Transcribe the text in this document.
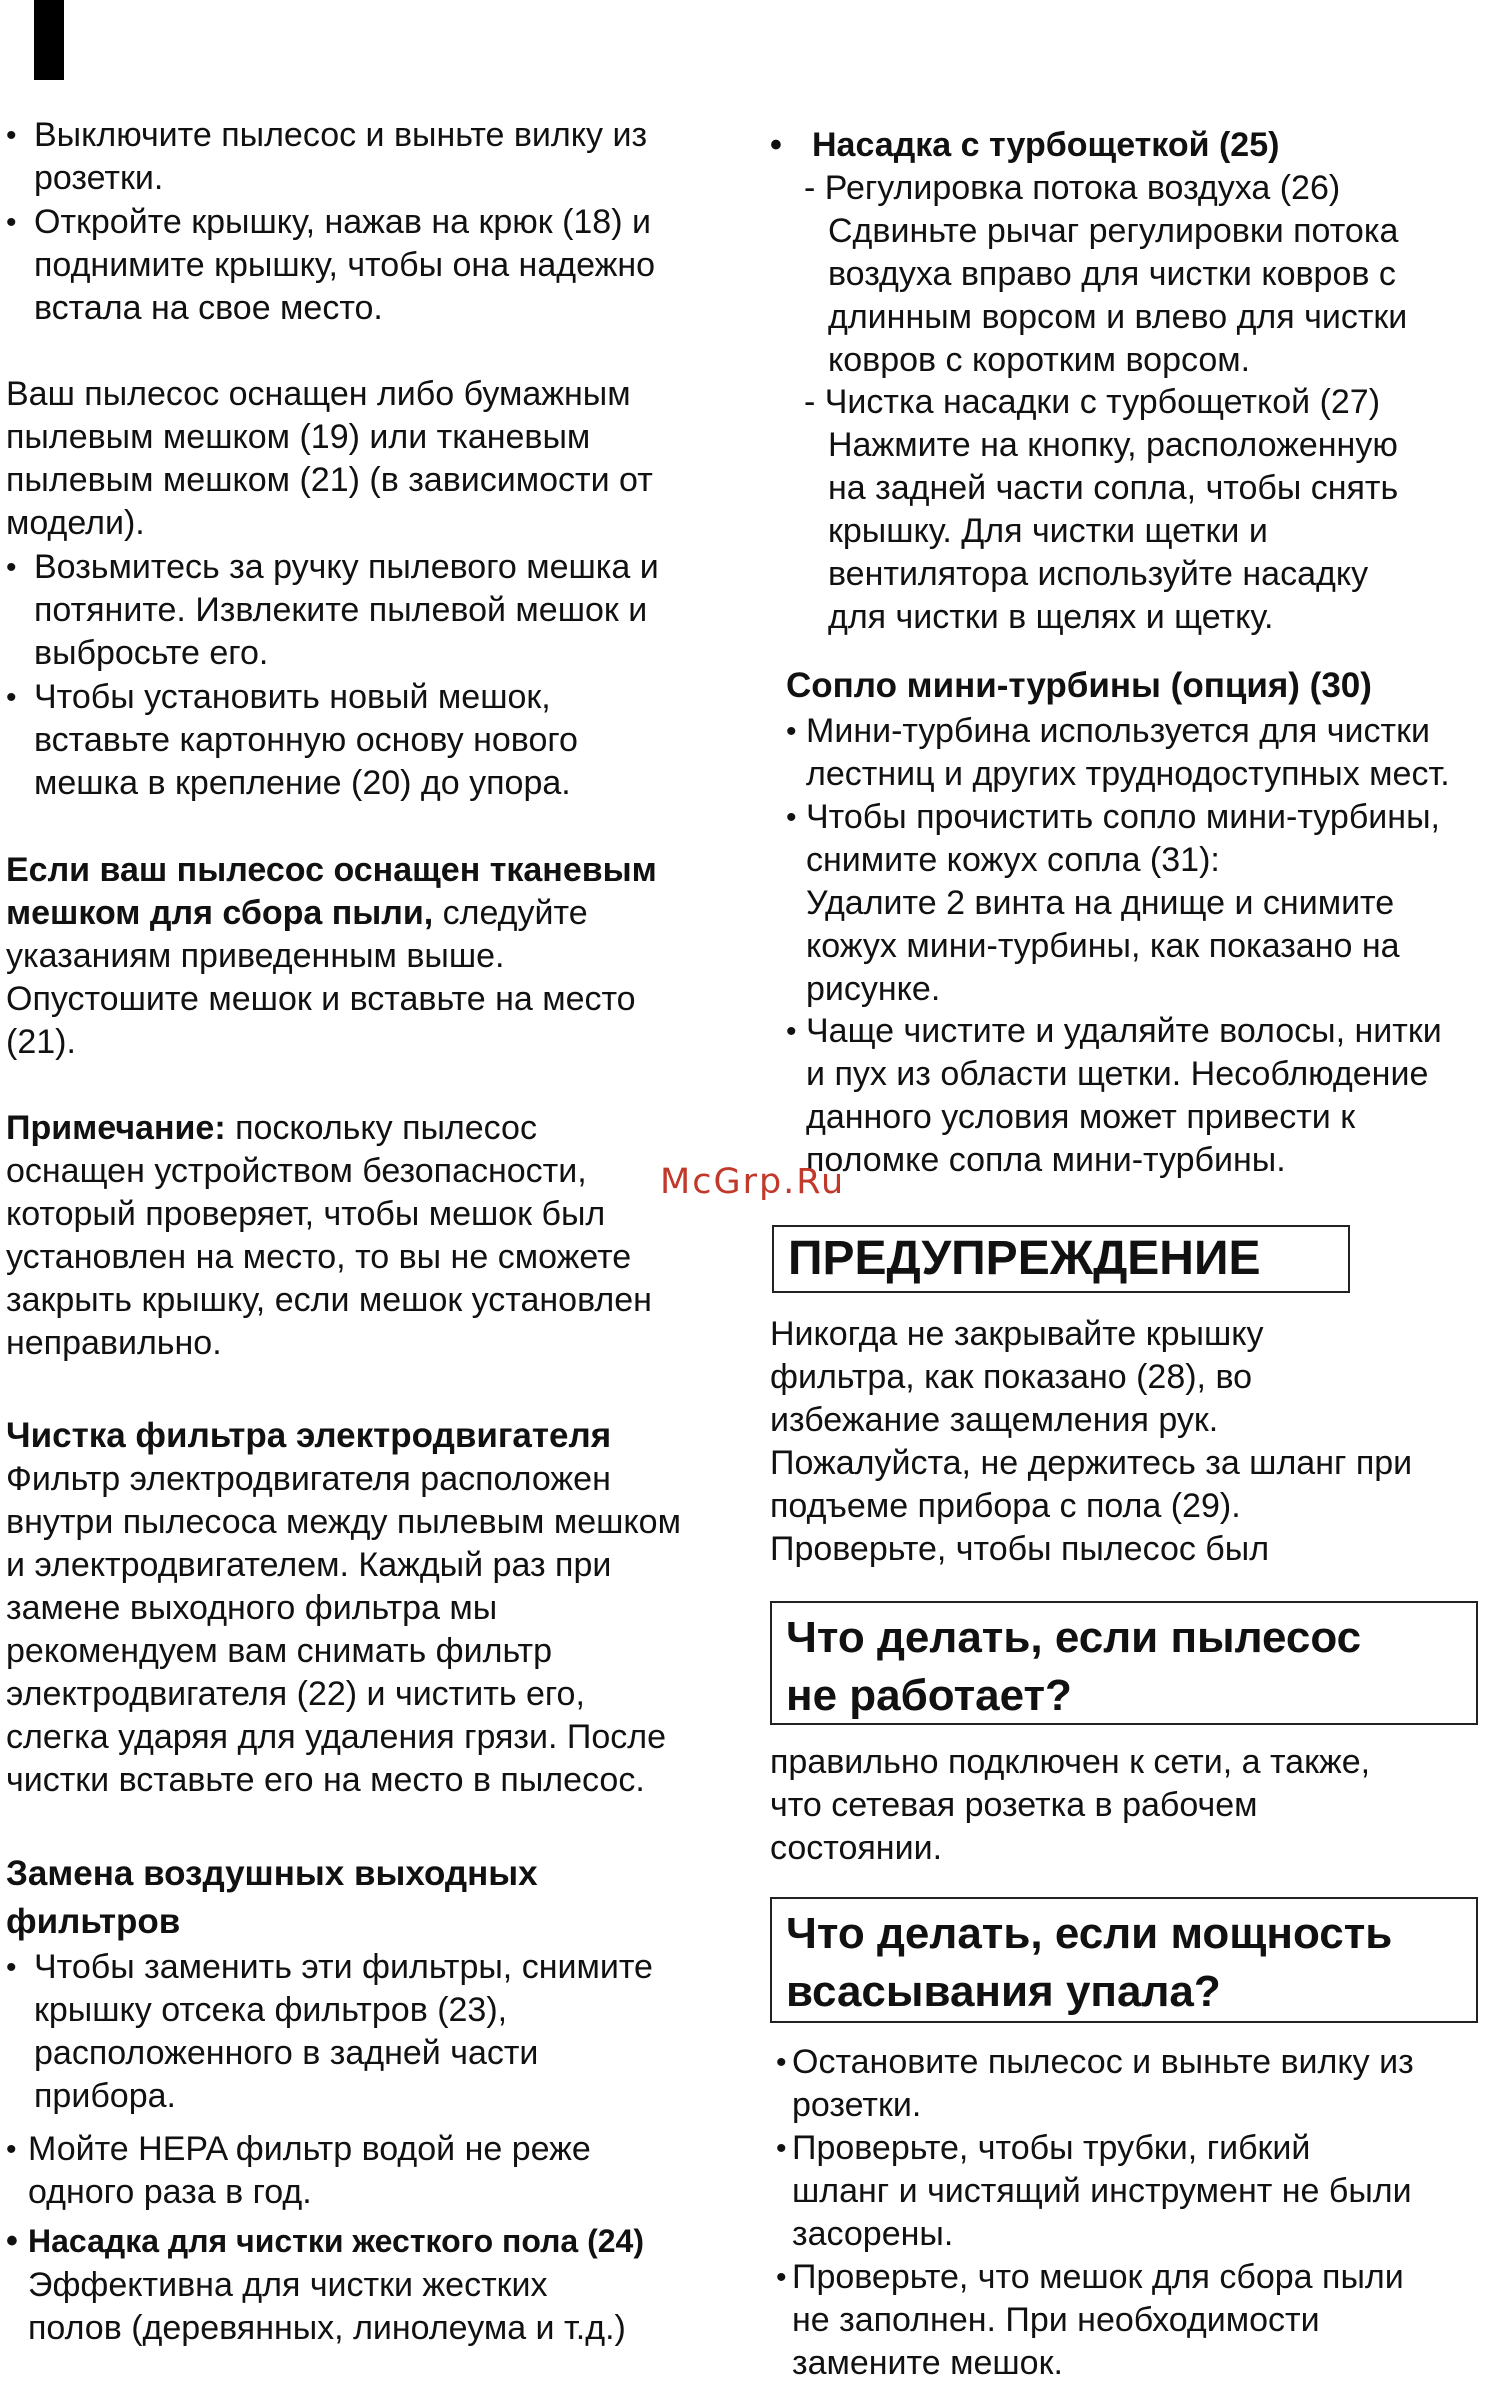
• Выключите пылесос и выньте вилку из
розетки.

• Откройте крышку, нажав на крюк (18) и
поднимите крышку, чтобы она надежно
встала на свое место.

Ваш пылесос оснащен либо бумажным
пылевым мешком (19) или тканевым
пылевым мешком (21) (в зависимости от
модели).

• Возьмитесь за ручку пылевого мешка и
потяните. Извлеките пылевой мешок и
выбросьте его.

• Чтобы установить новый мешок,
вставьте картонную основу нового
мешка в крепление (20) до упора.

Если ваш пылесос оснащен тканевым
мешком для сбора пыли, следуйте
указаниям приведенным выше.
Опустошите мешок и вставьте на место
(21).

Примечание: поскольку пылесос
оснащен устройством безопасности,
который проверяет, чтобы мешок был
установлен на место, то вы не сможете
закрыть крышку, если мешок установлен
неправильно.

Чистка фильтра электродвигателя

Фильтр электродвигателя расположен
внутри пылесоса между пылевым мешком
и электродвигателем. Каждый раз при
замене выходного фильтра мы
рекомендуем вам снимать фильтр
электродвигателя (22) и чистить его,
слегка ударяя для удаления грязи. После
чистки вставьте его на место в пылесос.

Замена воздушных выходных
фильтров
• Чтобы заменить эти фильтры, снимите
крышку отсека фильтров (23),
расположенного в задней части
прибора.

• Мойте HEPA фильтр водой не реже
одного раза в год.

• Насадка для чистки жесткого пола (24)

Эффективна для чистки жестких
полов (деревянных, линолеума и т.д.)

• Насадка с турбощеткой (25)

- Регулировка потока воздуха (26)

Сдвиньте рычаг регулировки потока
воздуха вправо для чистки ковров с
длинным ворсом и влево для чистки
ковров с коротким ворсом.

- Чистка насадки с турбощеткой (27)

Нажмите на кнопку, расположенную
на задней части сопла, чтобы снять
крышку. Для чистки щетки и
вентилятора используйте насадку
для чистки в щелях и щетку.

Сопло мини-турбины (опция) (30)
• Мини-турбина используется для чистки
лестниц и других труднодоступных мест.

• Чтобы прочистить сопло мини-турбины,
снимите кожух сопла (31):
Удалите 2 винта на днище и снимите
кожух мини-турбины, как показано на
рисунке.

• Чаще чистите и удаляйте волосы, нитки
и пух из области щетки. Несоблюдение
данного условия может привести к
поломке сопла мини-турбины.

ПРЕДУПРЕЖДЕНИЕ

Никогда не закрывайте крышку
фильтра, как показано (28), во
избежание защемления рук.
Пожалуйста, не держитесь за шланг при
подъеме прибора с пола (29).
Проверьте, чтобы пылесос был

Что делать, если пылесос
не работает?

правильно подключен к сети, а также,
что сетевая розетка в рабочем
состоянии.

Что делать, если мощность
всасывания упала?
• Остановите пылесос и выньте вилку из
розетки.

• Проверьте, чтобы трубки, гибкий
шланг и чистящий инструмент не были
засорены.

• Проверьте, что мешок для сбора пыли
не заполнен. При необходимости
замените мешок.

McGrp.Ru
